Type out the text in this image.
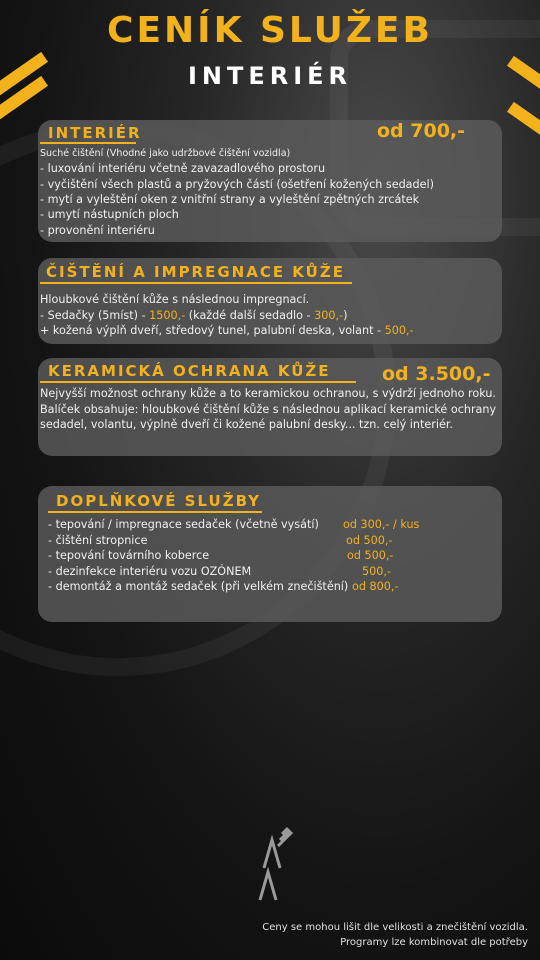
CENÍK SLUŽEB
INTERIÉR
INTERIÉR	od 700,-
Suché čištění (Vhodné jako udržbové čištění vozidla)
- luxování interiéru včetně zavazadlového prostoru
- vyčištění všech plastů a pryžových částí (ošetření kožených sedadel)
- mytí a vyleštění oken z vnitřní strany a vyleštění zpětných zrcátek
- umytí nástupních ploch
- provonění interiéru
ČIŠTĚNÍ A IMPREGNACE KŮŽE
Hloubkové čištění kůže s následnou impregnací.
- Sedačky (5míst) - 1500,- (každé další sedadlo - 300,-)
+ kožená výplň dveří, středový tunel, palubní deska, volant - 500,-
KERAMICKÁ OCHRANA KŮŽE	od 3.500,-
Nejvyšší možnost ochrany kůže a to keramickou ochranou, s výdrží jednoho roku.
Balíček obsahuje: hloubkové čištění kůže s následnou aplikací keramické ochrany
sedadel, volantu, výplně dveří či kožené palubní desky... tzn. celý interiér.
DOPLŇKOVÉ SLUŽBY
- tepování / impregnace sedaček (včetně vysátí) od 300,- / kus
- čištění stropnice	od 500,-
- tepování továrního koberce	od 500,-
- dezinfekce interiéru vozu OZÓNEM	500,-
- demontáž a montáž sedaček (při velkém znečištění) od 800,-
Ceny se mohou lišit dle velikosti a znečištění vozidla.
Programy lze kombinovat dle potřeby
